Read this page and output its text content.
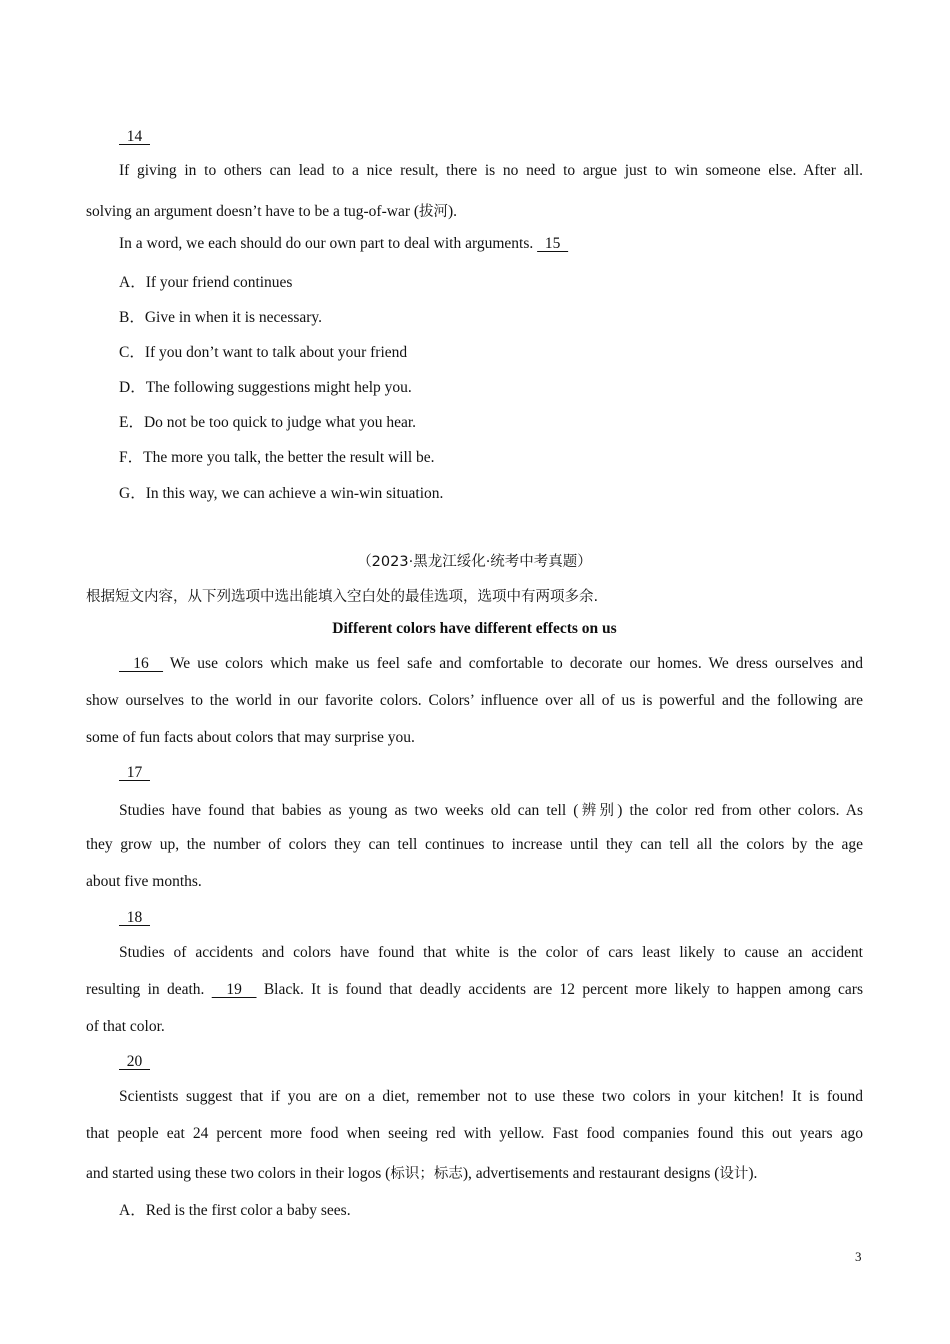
14
If giving in to others can lead to a nice result, there is no need to argue just to win someone else. After all.
solving an argument doesn’t have to be a tug-of-war (拔河).
In a word, we each should do our own part to deal with arguments.   15
A．If your friend continues
B．Give in when it is necessary.
C．If you don’t want to talk about your friend
D．The following suggestions might help you.
E．Do not be too quick to judge what you hear.
F．The more you talk, the better the result will be.
G．In this way, we can achieve a win-win situation.
（2023·黑龙江绥化·统考中考真题）
根据短文内容，从下列选项中选出能填入空白处的最佳选项，选项中有两项多余.
Different colors have different effects on us
16   We use colors which make us feel safe and comfortable to decorate our homes. We dress ourselves and
show ourselves to the world in our favorite colors. Colors’ influence over all of us is powerful and the following are
some of fun facts about colors that may surprise you.
17
Studies have found that babies as young as two weeks old can tell (辨别) the color red from other colors. As
they grow up, the number of colors they can tell continues to increase until they can tell all the colors by the age
about five months.
18
Studies of accidents and colors have found that white is the color of cars least likely to cause an accident
resulting in death.   19   Black. It is found that deadly accidents are 12 percent more likely to happen among cars
of that color.
20
Scientists suggest that if you are on a diet, remember not to use these two colors in your kitchen! It is found
that people eat 24 percent more food when seeing red with yellow. Fast food companies found this out years ago
and started using these two colors in their logos (标识；标志), advertisements and restaurant designs (设计).
A．Red is the first color a baby sees.
3
